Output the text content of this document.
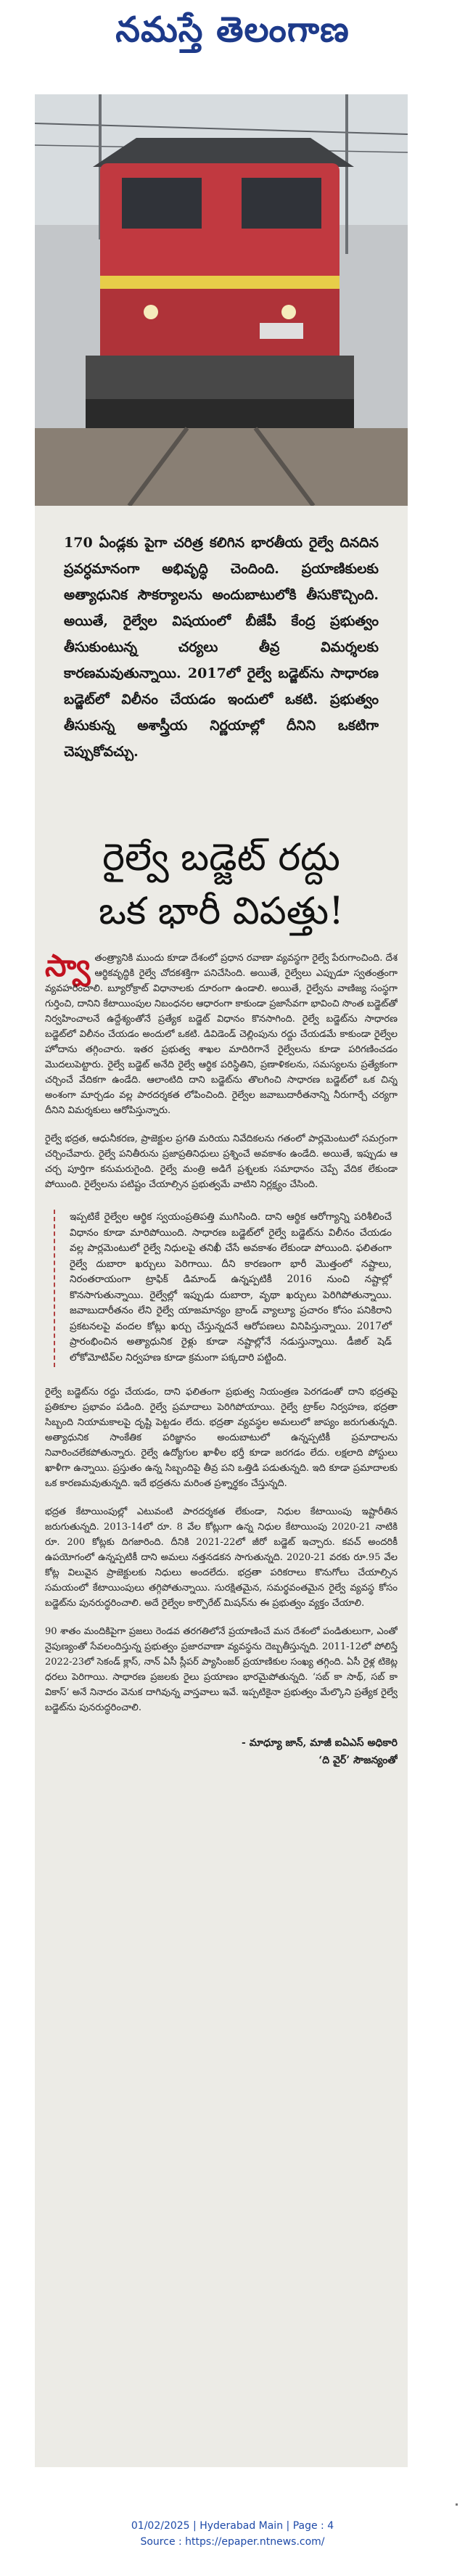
నమస్తే తెలంగాణ

170 ఏండ్లకు పైగా చరిత్ర కలిగిన భారతీయ రైల్వే దినదిన ప్రవర్ధమానంగా అభివృద్ధి చెందింది. ప్రయాణికులకు అత్యాధునిక సౌకర్యాలను అందుబాటులోకి తీసుకొచ్చింది. అయితే, రైల్వేల విషయంలో బీజేపీ కేంద్ర ప్రభుత్వం తీసుకుంటున్న చర్యలు తీవ్ర విమర్శలకు కారణమవుతున్నాయి. 2017లో రైల్వే బడ్జెట్‌ను సాధారణ బడ్జెట్‌లో విలీనం చేయడం ఇందులో ఒకటి. ప్రభుత్వం తీసుకున్న అశాస్త్రీయ నిర్ణయాల్లో దీనిని ఒకటిగా చెప్పుకోవచ్చు.

రైల్వే బడ్జెట్‌ రద్దు
ఒక భారీ విపత్తు!

స్వా తంత్ర్యానికి ముందు కూడా దేశంలో ప్రధాన రవాణా వ్యవస్థగా రైల్వే పేరుగాంచింది. దేశ ఆర్థికవృద్ధికి రైల్వే చోదకశక్తిగా పనిచేసింది. అయితే, రైల్వేలు ఎప్పుడూ స్వతంత్రంగా వ్యవహరించాలి. బ్యూరోక్రాట్‌ విధానాలకు దూరంగా ఉండాలి. అయితే, రైల్వేను వాణిజ్య సంస్థగా గుర్తించి, దానిని కేటాయింపుల నిబంధనల ఆధారంగా కాకుండా ప్రజాసేవగా భావించి సొంత బడ్జెట్‌తో నిర్వహించాలనే ఉద్దేశ్యంతోనే ప్రత్యేక బడ్జెట్‌ విధానం కొనసాగింది. రైల్వే బడ్జెట్‌ను సాధారణ బడ్జెట్‌లో విలీనం చేయడం అందులో ఒకటి. డివిడెండ్‌ చెల్లింపును రద్దు చేయడమే కాకుండా రైల్వేల హోదాను తగ్గించారు. ఇతర ప్రభుత్వ శాఖల మాదిరిగానే రైల్వేలను కూడా పరిగణించడం మొదలుపెట్టారు. రైల్వే బడ్జెట్‌ అనేది రైల్వే ఆర్థిక పరిస్థితిని, ప్రణాళికలను, సమస్యలను ప్రత్యేకంగా చర్చించే వేదికగా ఉండేది. ఆలాంటిది దాని బడ్జెట్‌ను తొలగించి సాధారణ బడ్జెట్‌లో ఒక చిన్న అంశంగా మార్చడం వల్ల పారదర్శకత లోపించింది. రైల్వేల జవాబుదారీతనాన్ని నీరుగార్చే చర్యగా దీనిని విమర్శకులు ఆరోపిస్తున్నారు.

రైల్వే భద్రత, ఆధునీకరణ, ప్రాజెక్టుల ప్రగతి మరియు నివేదికలను గతంలో పార్లమెంటులో సమగ్రంగా చర్చించేవారు. రైల్వే పనితీరును ప్రజాప్రతినిధులు ప్రశ్నించే అవకాశం ఉండేది. అయితే, ఇప్పుడు ఆ చర్చ పూర్తిగా కనుమరుగైంది. రైల్వే మంత్రి అడిగే ప్రశ్నలకు సమాధానం చెప్పే వేదిక లేకుండా పోయింది. రైల్వేలను పటిష్టం చేయాల్సిన ప్రభుత్వమే వాటిని నిర్లక్ష్యం చేసింది.

ఇప్పటికే రైల్వేల ఆర్థిక స్వయంప్రతిపత్తి ముగిసింది. దాని ఆర్థిక ఆరోగ్యాన్ని పరిశీలించే విధానం కూడా మారిపోయింది. సాధారణ బడ్జెట్‌లో రైల్వే బడ్జెట్‌ను విలీనం చేయడం వల్ల పార్లమెంటులో రైల్వే నిధులపై తనిఖీ చేసే అవకాశం లేకుండా పోయింది. ఫలితంగా రైల్వే దుబారా ఖర్చులు పెరిగాయి. దీని కారణంగా భారీ మొత్తంలో నష్టాలు, నిరంతరాయంగా ట్రాఫిక్‌ డిమాండ్‌ ఉన్నప్పటికీ 2016 నుంచి నష్టాల్లో కొనసాగుతున్నాయి. రైల్వేల్లో ఇప్పుడు దుబారా, వృథా ఖర్చులు పెరిగిపోతున్నాయి. జవాబుదారీతనం లేని రైల్వే యాజమాన్యం బ్రాండ్‌ వ్యాల్యూ ప్రచారం కోసం పనికిరాని ప్రకటనలపై వందల కోట్లు ఖర్చు చేస్తున్నదనే ఆరోపణలు వినిపిస్తున్నాయి. 2017లో ప్రారంభించిన అత్యాధునిక రైళ్లు కూడా నష్టాల్లోనే నడుస్తున్నాయి. డీజిల్‌ షెడ్‌ లోకోమోటివ్‌ల నిర్వహణ కూడా క్రమంగా పక్కదారి పట్టింది.

రైల్వే బడ్జెట్‌ను రద్దు చేయడం, దాని ఫలితంగా ప్రభుత్వ నియంత్రణ పెరగడంతో దాని భద్రతపై ప్రతికూల ప్రభావం పడింది. రైల్వే ప్రమాదాలు పెరిగిపోయాయి. రైల్వే ట్రాక్‌ల నిర్వహణ, భద్రతా సిబ్బంది నియామకాలపై దృష్టి పెట్టడం లేదు. భద్రతా వ్యవస్థల అమలులో జాప్యం జరుగుతున్నది. అత్యాధునిక సాంకేతిక పరిజ్ఞానం అందుబాటులో ఉన్నప్పటికీ ప్రమాదాలను నివారించలేకపోతున్నారు. రైల్వే ఉద్యోగుల ఖాళీల భర్తీ కూడా జరగడం లేదు. లక్షలాది పోస్టులు ఖాళీగా ఉన్నాయి. ప్రస్తుతం ఉన్న సిబ్బందిపై తీవ్ర పని ఒత్తిడి పడుతున్నది. ఇది కూడా ప్రమాదాలకు ఒక కారణమవుతున్నది. ఇదే భద్రతను మరింత ప్రశ్నార్థకం చేస్తున్నది.

భద్రత కేటాయింపుల్లో ఎటువంటి పారదర్శకత లేకుండా, నిధుల కేటాయింపు ఇష్టారీతిన జరుగుతున్నది. 2013-14లో రూ. 8 వేల కోట్లుగా ఉన్న నిధుల కేటాయింపు 2020-21 నాటికి రూ. 200 కోట్లకు దిగజారింది. దీనికి 2021-22లో జీరో బడ్జెట్‌ ఇచ్చారు. కవచ్‌ అందరికీ ఉపయోగంలో ఉన్నప్పటికీ దాని అమలు నత్తనడకన సాగుతున్నది. 2020-21 వరకు రూ.95 వేల కోట్ల విలువైన ప్రాజెక్టులకు నిధులు అందలేదు. భద్రతా పరికరాలు కొనుగోలు చేయాల్సిన సమయంలో కేటాయింపులు తగ్గిపోతున్నాయి. సురక్షితమైన, సమర్థవంతమైన రైల్వే వ్యవస్థ కోసం బడ్జెట్‌ను పునరుద్ధరించాలి. అదే రైల్వేల కార్పొరేట్‌ మిషన్‌ను ఈ ప్రభుత్వం వ్యక్తం చేయాలి.

90 శాతం మందికిపైగా ప్రజలు రెండవ తరగతిలోనే ప్రయాణించే మన దేశంలో పండితులుగా, ఎంతో నైపుణ్యంతో సేవలందిస్తున్న ప్రభుత్వం ప్రజారవాణా వ్యవస్థను దెబ్బతీస్తున్నది. 2011-12లో పోలిస్తే 2022-23లో సెకండ్‌ క్లాస్‌, నాన్‌ ఏసీ స్లీపర్‌ ప్యాసింజర్‌ ప్రయాణికుల సంఖ్య తగ్గింది. ఏసీ రైళ్ల టికెట్ల ధరలు పెరిగాయి. సాధారణ ప్రజలకు రైలు ప్రయాణం భారమైపోతున్నది. ‘సబ్‌ కా సాథ్‌, సబ్‌ కా వికాస్‌’ అనే నినాదం వెనుక దాగివున్న వాస్తవాలు ఇవే. ఇప్పటికైనా ప్రభుత్వం మేల్కొని ప్రత్యేక రైల్వే బడ్జెట్‌ను పునరుద్ధరించాలి.

- మాధ్యూ జాన్‌, మాజీ ఐఏఎస్‌ అధికారి
‘ది వైర్‌’ సౌజన్యంతో
01/02/2025 | Hyderabad Main | Page : 4
Source : https://epaper.ntnews.com/
